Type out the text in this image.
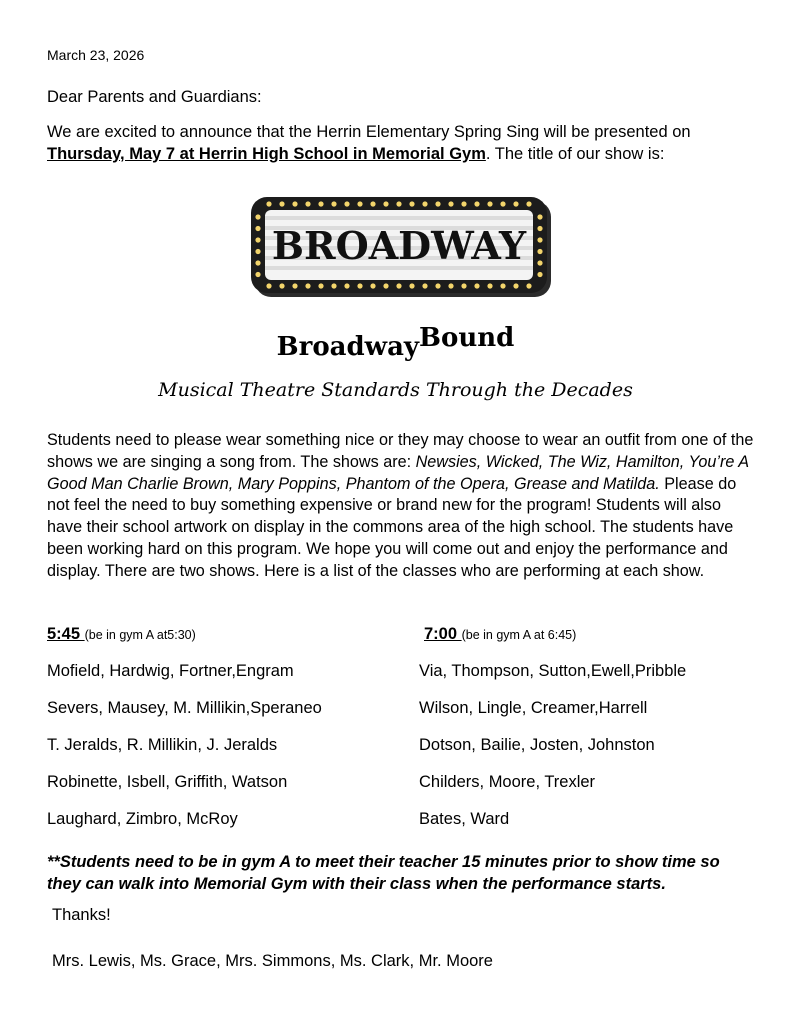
March 23, 2026
Dear Parents and Guardians:
We are excited to announce that the Herrin Elementary Spring Sing will be presented on Thursday, May 7 at Herrin High School in Memorial Gym. The title of our show is:
BROADWAY
BroadwayBound
Musical Theatre Standards Through the Decades
Students need to please wear something nice or they may choose to wear an outfit from one of the shows we are singing a song from. The shows are: Newsies, Wicked, The Wiz, Hamilton, You’re A Good Man Charlie Brown, Mary Poppins, Phantom of the Opera, Grease and Matilda. Please do not feel the need to buy something expensive or brand new for the program! Students will also have their school artwork on display in the commons area of the high school. The students have been working hard on this program. We hope you will come out and enjoy the performance and display. There are two shows. Here is a list of the classes who are performing at each show.
5:45 (be in gym A at5:30)	7:00 (be in gym A at 6:45)
Mofield, Hardwig, Fortner,Engram
Severs, Mausey, M. Millikin,Speraneo
T. Jeralds, R. Millikin, J. Jeralds
Robinette, Isbell, Griffith, Watson
Laughard, Zimbro, McRoy
Via, Thompson, Sutton,Ewell,Pribble
Wilson, Lingle, Creamer,Harrell
Dotson, Bailie, Josten, Johnston
Childers, Moore, Trexler
Bates, Ward
**Students need to be in gym A to meet their teacher 15 minutes prior to show time so they can walk into Memorial Gym with their class when the performance starts.
Thanks!
Mrs. Lewis, Ms. Grace, Mrs. Simmons, Ms. Clark, Mr. Moore
